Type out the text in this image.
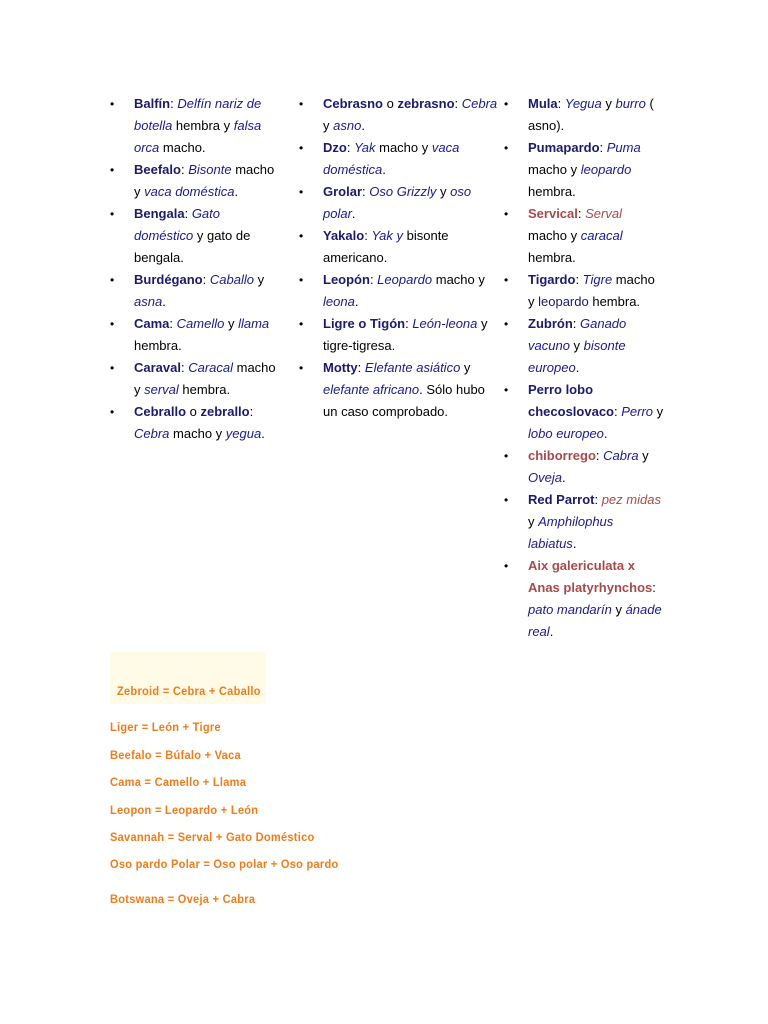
• Balfín: Delfín nariz de botella hembra y falsa orca macho.
• Beefalo: Bisonte macho y vaca doméstica.
• Bengala: Gato doméstico y gato de bengala.
• Burdégano: Caballo y asna.
• Cama: Camello y llama hembra.
• Caraval: Caracal macho y serval hembra.
• Cebrallo o zebrallo: Cebra macho y yegua.
• Cebrasno o zebrasno: Cebra y asno.
• Dzo: Yak macho y vaca doméstica.
• Grolar: Oso Grizzly y oso polar.
• Yakalo: Yak y bisonte americano.
• Leopón: Leopardo macho y leona.
• Ligre o Tigón: León-leona y tigre-tigresa.
• Motty: Elefante asiático y elefante africano. Sólo hubo un caso comprobado.
• Mula: Yegua y burro ( asno).
• Pumapardo: Puma macho y leopardo hembra.
• Servical: Serval macho y caracal hembra.
• Tigardo: Tigre macho y leopardo hembra.
• Zubrón: Ganado vacuno y bisonte europeo.
• Perro lobo checoslovaco: Perro y lobo europeo.
• chiborrego: Cabra y Oveja.
• Red Parrot: pez midas y Amphilophus labiatus.
• Aix galericulata x Anas platyrhynchos: pato mandarín y ánade real.
Zebroid = Cebra + Caballo
Liger = León + Tigre
Beefalo = Búfalo + Vaca
Cama = Camello + Llama
Leopon = Leopardo + León
Savannah = Serval + Gato Doméstico
Oso pardo Polar = Oso polar + Oso pardo
Botswana = Oveja + Cabra
